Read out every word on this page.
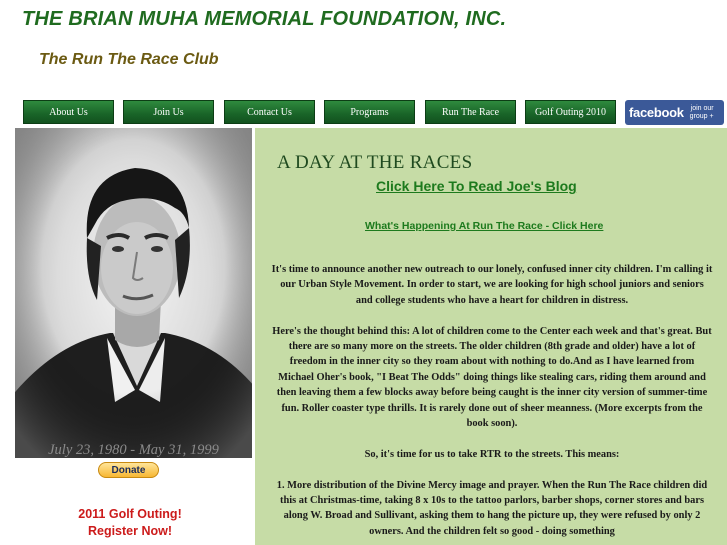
THE BRIAN MUHA MEMORIAL FOUNDATION, INC.
The Run The Race Club
About Us	Join Us	Contact Us	Programs	Run The Race	Golf Outing 2010	facebook join our
group +
July 23, 1980 - May 31, 1999
Donate
2011 Golf Outing!
Register Now!
A DAY AT THE RACES
Click Here To Read Joe's Blog
What's Happening At Run The Race - Click Here

It's time to announce another new outreach to our lonely, confused inner city children. I'm calling it our Urban Style Movement. In order to start, we are looking for high school juniors and seniors and college students who have a heart for children in distress.

Here's the thought behind this: A lot of children come to the Center each week and that's great. But there are so many more on the streets. The older children (8th grade and older) have a lot of freedom in the inner city so they roam about with nothing to do.And as I have learned from Michael Oher's book, "I Beat The Odds" doing things like stealing cars, riding them around and then leaving them a few blocks away before being caught is the inner city version of summer-time fun. Roller coaster type thrills. It is rarely done out of sheer meanness. (More excerpts from the book soon).

So, it's time for us to take RTR to the streets. This means:

1. More distribution of the Divine Mercy image and prayer. When the Run The Race children did this at Christmas-time, taking 8 x 10s to the tattoo parlors, barber shops, corner stores and bars along W. Broad and Sullivant, asking them to hang the picture up, they were refused by only 2 owners. And the children felt so good - doing something
